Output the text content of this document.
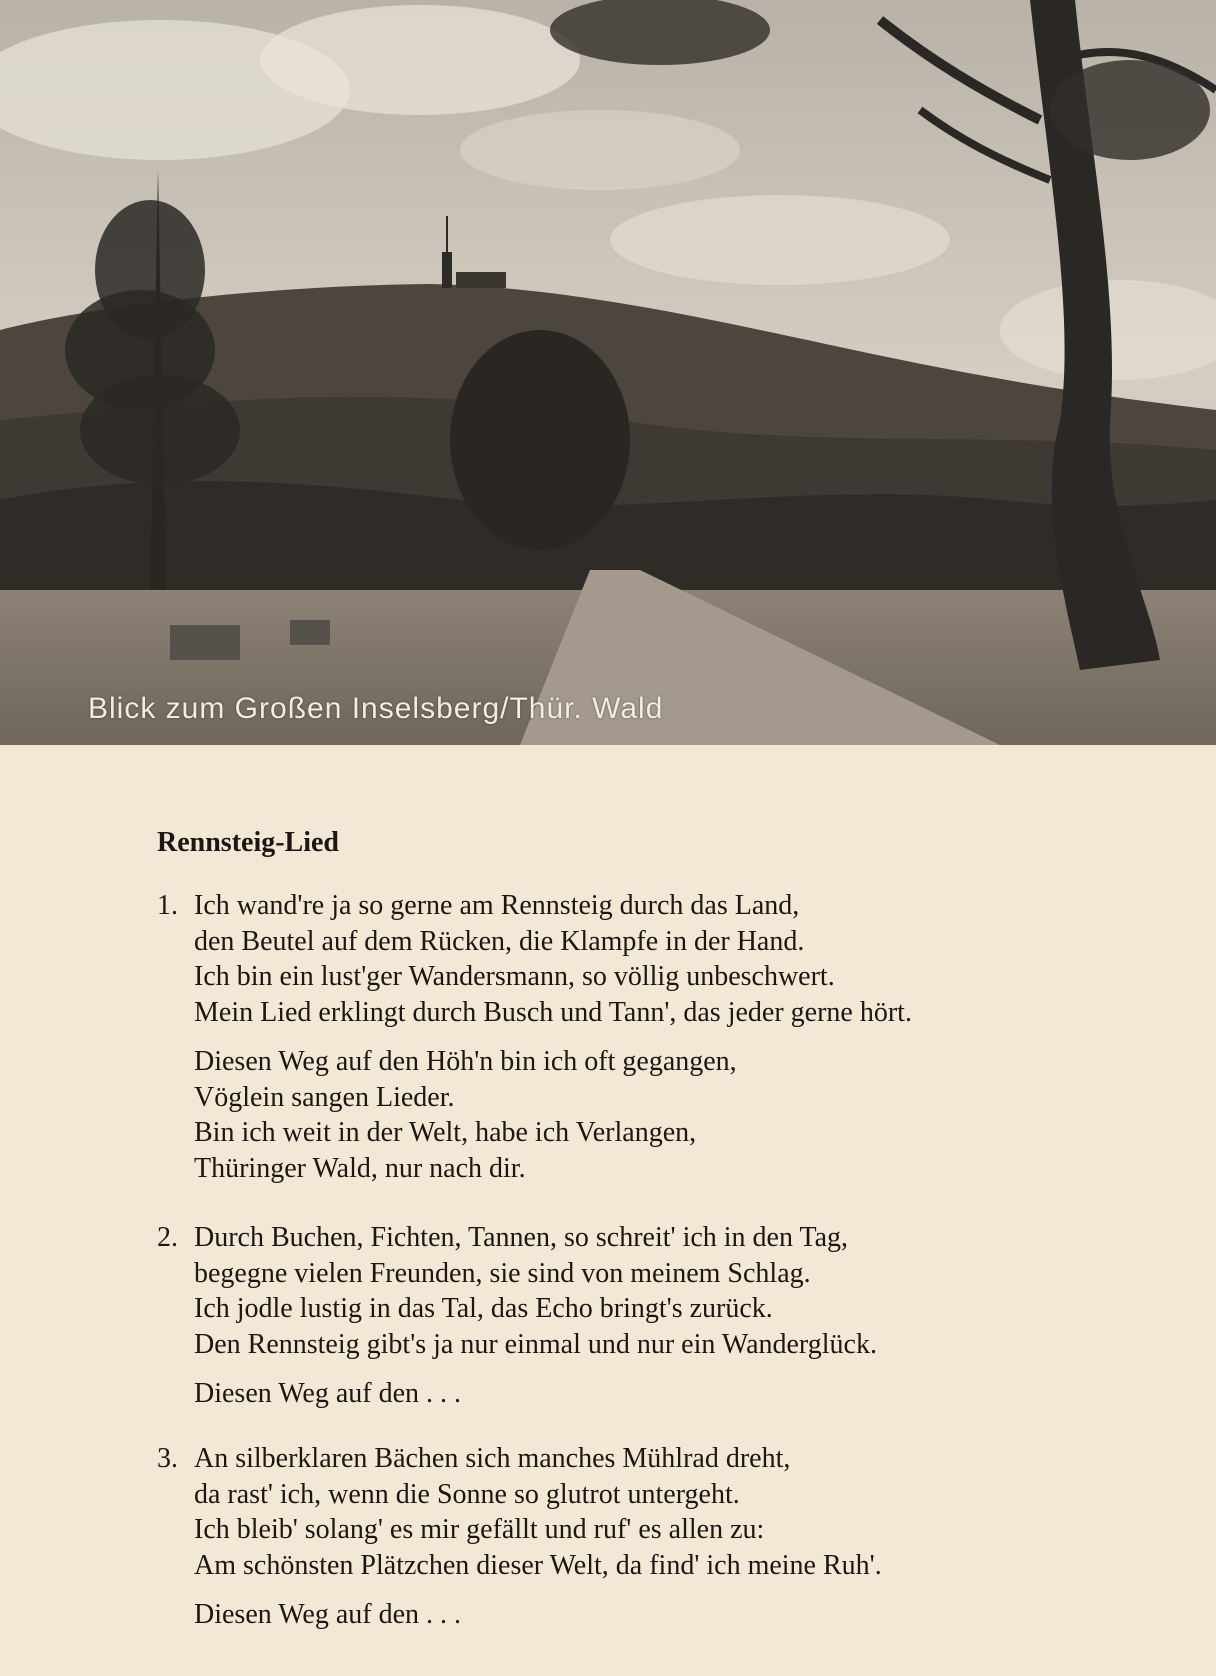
Blick zum Großen Inselsberg/Thür. Wald
Rennsteig-Lied
1. Ich wand're ja so gerne am Rennsteig durch das Land,
den Beutel auf dem Rücken, die Klampfe in der Hand.
Ich bin ein lust'ger Wandersmann, so völlig unbeschwert.
Mein Lied erklingt durch Busch und Tann', das jeder gerne hört.
Diesen Weg auf den Höh'n bin ich oft gegangen,
Vöglein sangen Lieder.
Bin ich weit in der Welt, habe ich Verlangen,
Thüringer Wald, nur nach dir.
2. Durch Buchen, Fichten, Tannen, so schreit' ich in den Tag,
begegne vielen Freunden, sie sind von meinem Schlag.
Ich jodle lustig in das Tal, das Echo bringt's zurück.
Den Rennsteig gibt's ja nur einmal und nur ein Wanderglück.
Diesen Weg auf den . . .
3. An silberklaren Bächen sich manches Mühlrad dreht,
da rast' ich, wenn die Sonne so glutrot untergeht.
Ich bleib' solang' es mir gefällt und ruf' es allen zu:
Am schönsten Plätzchen dieser Welt, da find' ich meine Ruh'.
Diesen Weg auf den . . .
